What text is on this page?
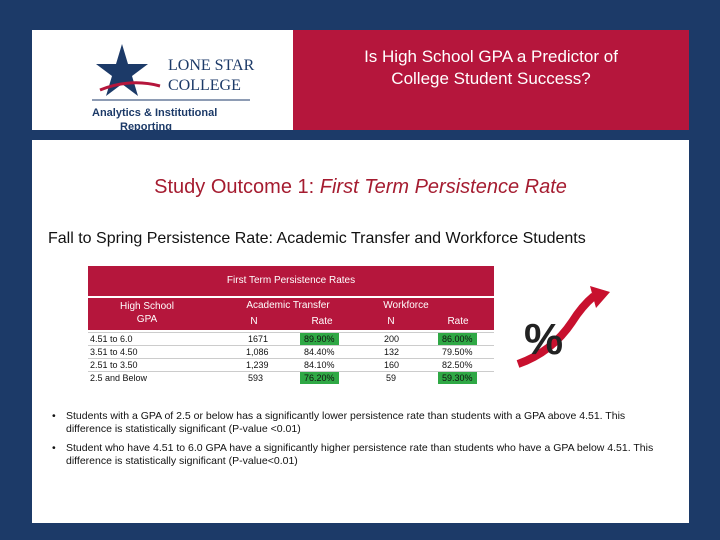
LONE STAR
COLLEGE
Analytics & Institutional
Reporting
Is High School GPA a Predictor of
College Student Success?
Study Outcome 1: First Term Persistence Rate
Fall to Spring Persistence Rate: Academic Transfer and Workforce Students
First Term Persistence Rates
High School
GPA
Academic Transfer	Workforce
N	Rate	N	Rate
4.51 to 6.0	1671	89.90%	200	86.00%
3.51 to 4.50	1,086	84.40%	132	79.50%
2.51 to 3.50	1,239	84.10%	160	82.50%
2.5 and Below	593	76.20%	59	59.30%
%
• Students with a GPA of 2.5 or below has a significantly lower persistence rate than students with a GPA above 4.51. This difference is statistically significant (P-value <0.01)
• Student who have 4.51 to 6.0 GPA have a significantly higher persistence rate than students who have a GPA below 4.51. This difference is statistically significant (P-value<0.01)
